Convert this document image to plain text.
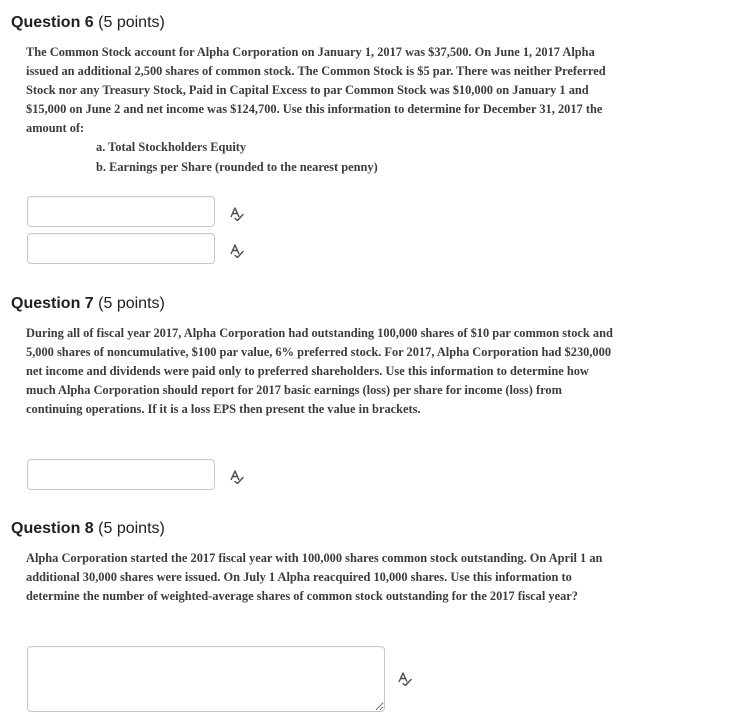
Question 6 (5 points)

The Common Stock account for Alpha Corporation on January 1, 2017 was $37,500. On June 1, 2017 Alpha issued an additional 2,500 shares of common stock. The Common Stock is $5 par. There was neither Preferred Stock nor any Treasury Stock, Paid in Capital Excess to par Common Stock was $10,000 on January 1 and $15,000 on June 2 and net income was $124,700. Use this information to determine for December 31, 2017 the amount of:

a. Total Stockholders Equity
b. Earnings per Share (rounded to the nearest penny)
Question 7 (5 points)

During all of fiscal year 2017, Alpha Corporation had outstanding 100,000 shares of $10 par common stock and 5,000 shares of noncumulative, $100 par value, 6% preferred stock. For 2017, Alpha Corporation had $230,000 net income and dividends were paid only to preferred shareholders. Use this information to determine how much Alpha Corporation should report for 2017 basic earnings (loss) per share for income (loss) from continuing operations. If it is a loss EPS then present the value in brackets.

Question 8 (5 points)

Alpha Corporation started the 2017 fiscal year with 100,000 shares common stock outstanding. On April 1 an additional 30,000 shares were issued. On July 1 Alpha reacquired 10,000 shares. Use this information to determine the number of weighted-average shares of common stock outstanding for the 2017 fiscal year?
